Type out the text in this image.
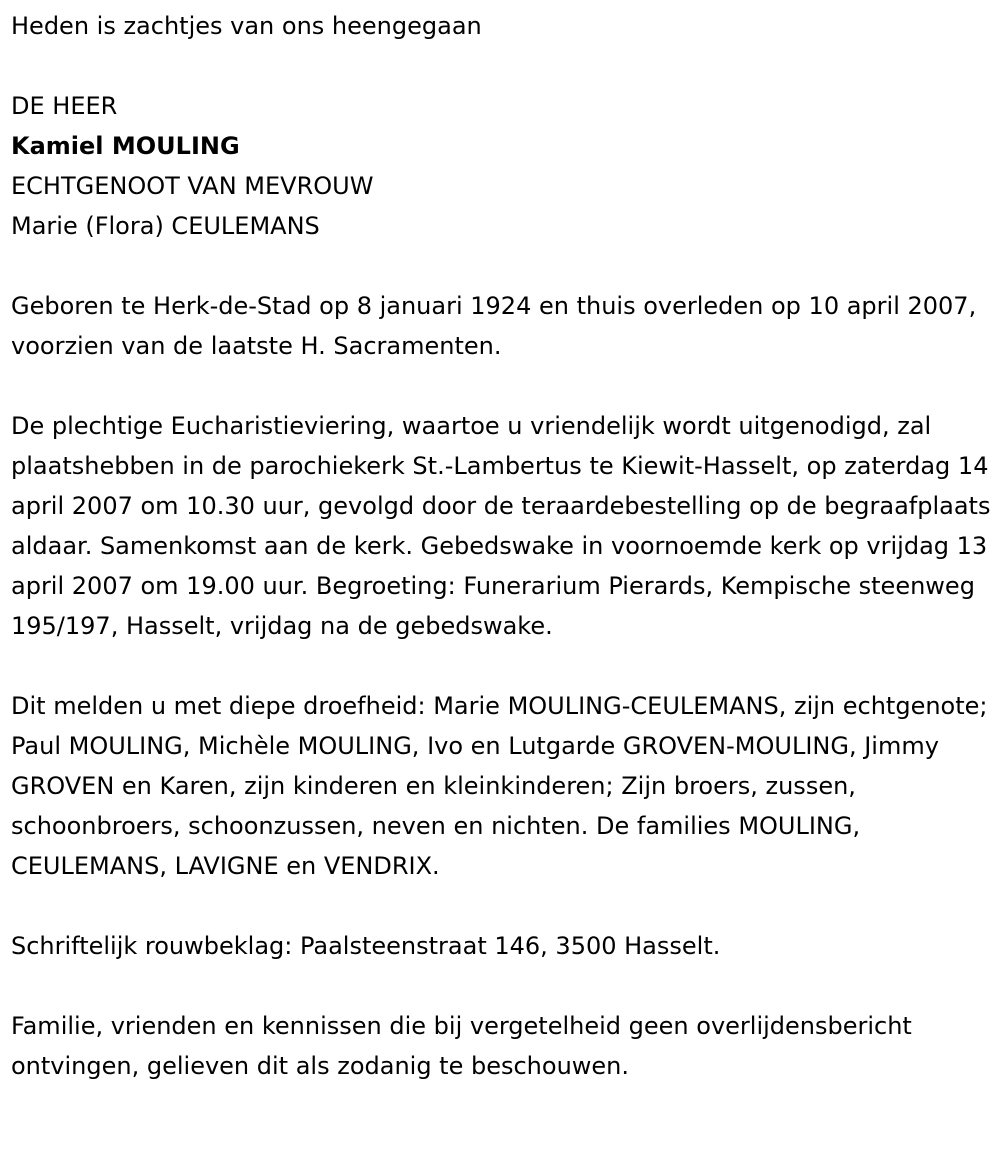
Heden is zachtjes van ons heengegaan
DE HEER
Kamiel MOULING
ECHTGENOOT VAN MEVROUW
Marie (Flora) CEULEMANS

Geboren te Herk-de-Stad op 8 januari 1924 en thuis overleden op 10 april 2007, voorzien van de laatste H. Sacramenten.

De plechtige Eucharistieviering, waartoe u vriendelijk wordt uitgenodigd, zal plaatshebben in de parochiekerk St.-Lambertus te Kiewit-Hasselt, op zaterdag 14 april 2007 om 10.30 uur, gevolgd door de teraardebestelling op de begraafplaats aldaar. Samenkomst aan de kerk. Gebedswake in voornoemde kerk op vrijdag 13 april 2007 om 19.00 uur. Begroeting: Funerarium Pierards, Kempische steenweg 195/197, Hasselt, vrijdag na de gebedswake.

Dit melden u met diepe droefheid: Marie MOULING-CEULEMANS, zijn echtgenote; Paul MOULING, Michèle MOULING, Ivo en Lutgarde GROVEN-MOULING, Jimmy GROVEN en Karen, zijn kinderen en kleinkinderen; Zijn broers, zussen, schoonbroers, schoonzussen, neven en nichten. De families MOULING, CEULEMANS, LAVIGNE en VENDRIX.

Schriftelijk rouwbeklag: Paalsteenstraat 146, 3500 Hasselt.

Familie, vrienden en kennissen die bij vergetelheid geen overlijdensbericht ontvingen, gelieven dit als zodanig te beschouwen.
